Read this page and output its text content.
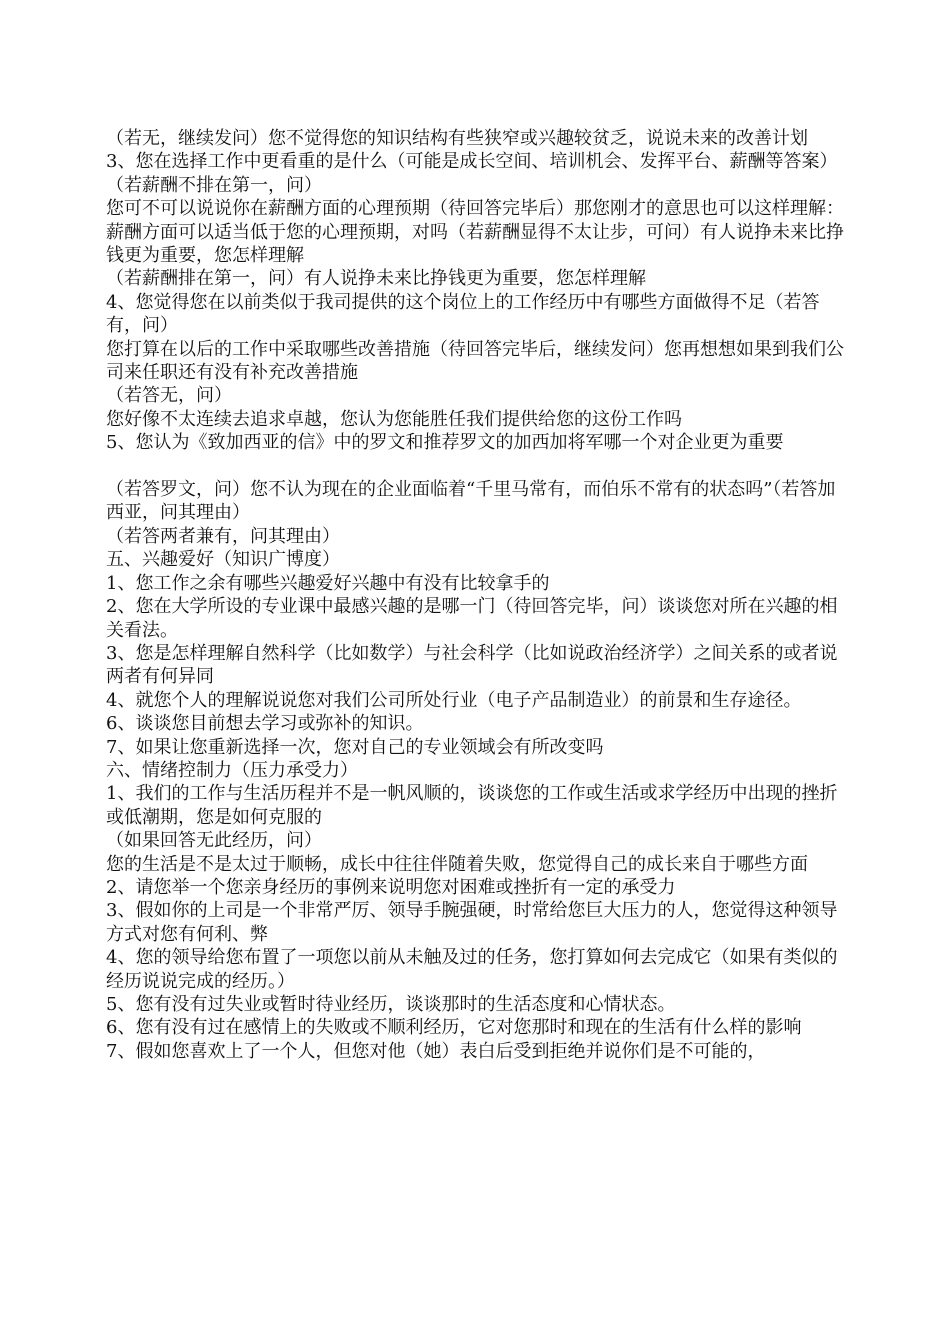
（若无，继续发问）您不觉得您的知识结构有些狭窄或兴趣较贫乏，说说未来的改善计划

3、您在选择工作中更看重的是什么（可能是成长空间、培训机会、发挥平台、薪酬等答案）

（若薪酬不排在第一，问）

您可不可以说说你在薪酬方面的心理预期（待回答完毕后）那您刚才的意思也可以这样理解：薪酬方面可以适当低于您的心理预期，对吗（若薪酬显得不太让步，可问）有人说挣未来比挣钱更为重要，您怎样理解

（若薪酬排在第一，问）有人说挣未来比挣钱更为重要，您怎样理解

4、您觉得您在以前类似于我司提供的这个岗位上的工作经历中有哪些方面做得不足（若答有，问）

您打算在以后的工作中采取哪些改善措施（待回答完毕后，继续发问）您再想想如果到我们公司来任职还有没有补充改善措施

（若答无，问）

您好像不太连续去追求卓越，您认为您能胜任我们提供给您的这份工作吗

5、您认为《致加西亚的信》中的罗文和推荐罗文的加西加将军哪一个对企业更为重要

（若答罗文，问）您不认为现在的企业面临着“千里马常有，而伯乐不常有的状态吗”（若答加西亚，问其理由）

（若答两者兼有，问其理由）

五、兴趣爱好（知识广博度）

1、您工作之余有哪些兴趣爱好兴趣中有没有比较拿手的

2、您在大学所设的专业课中最感兴趣的是哪一门（待回答完毕，问）谈谈您对所在兴趣的相关看法。

3、您是怎样理解自然科学（比如数学）与社会科学（比如说政治经济学）之间关系的或者说两者有何异同

4、就您个人的理解说说您对我们公司所处行业（电子产品制造业）的前景和生存途径。

6、谈谈您目前想去学习或弥补的知识。

7、如果让您重新选择一次，您对自己的专业领域会有所改变吗

六、情绪控制力（压力承受力）

1、我们的工作与生活历程并不是一帆风顺的，谈谈您的工作或生活或求学经历中出现的挫折或低潮期，您是如何克服的

（如果回答无此经历，问）

您的生活是不是太过于顺畅，成长中往往伴随着失败，您觉得自己的成长来自于哪些方面

2、请您举一个您亲身经历的事例来说明您对困难或挫折有一定的承受力

3、假如你的上司是一个非常严厉、领导手腕强硬，时常给您巨大压力的人，您觉得这种领导方式对您有何利、弊

4、您的领导给您布置了一项您以前从未触及过的任务，您打算如何去完成它（如果有类似的经历说说完成的经历。）

5、您有没有过失业或暂时待业经历，谈谈那时的生活态度和心情状态。

6、您有没有过在感情上的失败或不顺利经历，它对您那时和现在的生活有什么样的影响

7、假如您喜欢上了一个人，但您对他（她）表白后受到拒绝并说你们是不可能的，
